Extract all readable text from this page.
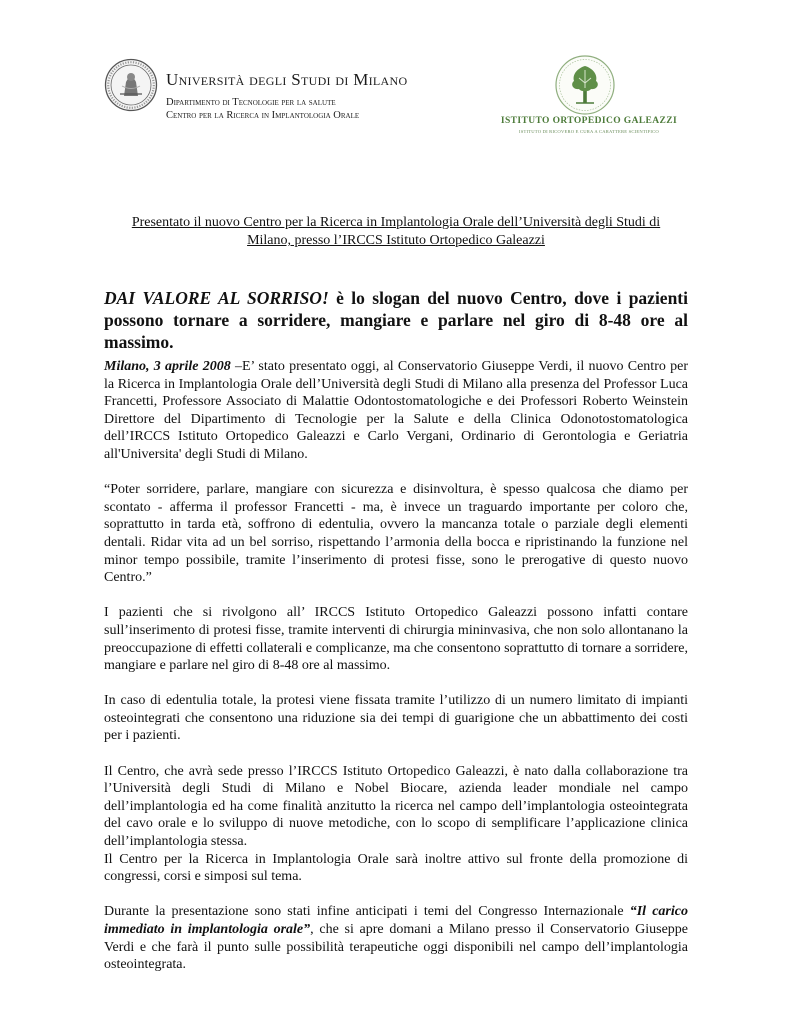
Università degli Studi di Milano
Dipartimento di Tecnologie per la salute
Centro per la Ricerca in Implantologia Orale	ISTITUTO ORTOPEDICO GALEAZZI
ISTITUTO DI RICOVERO E CURA A CARATTERE SCIENTIFICO
Presentato il nuovo Centro per la Ricerca in Implantologia Orale dell’Università degli Studi di
Milano, presso l’IRCCS Istituto Ortopedico Galeazzi
DAI VALORE AL SORRISO! è lo slogan del nuovo Centro, dove i pazienti possono tornare a sorridere, mangiare e parlare nel giro di 8-48 ore al massimo.

Milano, 3 aprile 2008 –E’ stato presentato oggi, al Conservatorio Giuseppe Verdi, il nuovo Centro per la Ricerca in Implantologia Orale dell’Università degli Studi di Milano alla presenza del Professor Luca Francetti, Professore Associato di Malattie Odontostomatologiche e dei Professori Roberto Weinstein Direttore del Dipartimento di Tecnologie per la Salute e della Clinica Odonotostomatologica dell’IRCCS Istituto Ortopedico Galeazzi e Carlo Vergani, Ordinario di Gerontologia e Geriatria all'Universita' degli Studi di Milano.

“Poter sorridere, parlare, mangiare con sicurezza e disinvoltura, è spesso qualcosa che diamo per scontato - afferma il professor Francetti - ma, è invece un traguardo importante per coloro che, soprattutto in tarda età, soffrono di edentulia, ovvero la mancanza totale o parziale degli elementi dentali. Ridar vita ad un bel sorriso, rispettando l’armonia della bocca e ripristinando la funzione nel minor tempo possibile, tramite l’inserimento di protesi fisse, sono le prerogative di questo nuovo Centro.”

I pazienti che si rivolgono all’ IRCCS Istituto Ortopedico Galeazzi possono infatti contare sull’inserimento di protesi fisse, tramite interventi di chirurgia mininvasiva, che non solo allontanano la preoccupazione di effetti collaterali e complicanze, ma che consentono soprattutto di tornare a sorridere, mangiare e parlare nel giro di 8-48 ore al massimo.

In caso di edentulia totale, la protesi viene fissata tramite l’utilizzo di un numero limitato di impianti osteointegrati che consentono una riduzione sia dei tempi di guarigione che un abbattimento dei costi per i pazienti.

Il Centro, che avrà sede presso l’IRCCS Istituto Ortopedico Galeazzi, è nato dalla collaborazione tra l’Università degli Studi di Milano e Nobel Biocare, azienda leader mondiale nel campo dell’implantologia ed ha come finalità anzitutto la ricerca nel campo dell’implantologia osteointegrata del cavo orale e lo sviluppo di nuove metodiche, con lo scopo di semplificare l’applicazione clinica dell’implantologia stessa.

Il Centro per la Ricerca in Implantologia Orale sarà inoltre attivo sul fronte della promozione di congressi, corsi e simposi sul tema.

Durante la presentazione sono stati infine anticipati i temi del Congresso Internazionale “Il carico immediato in implantologia orale”, che si apre domani a Milano presso il Conservatorio Giuseppe Verdi e che farà il punto sulle possibilità terapeutiche oggi disponibili nel campo dell’implantologia osteointegrata.
